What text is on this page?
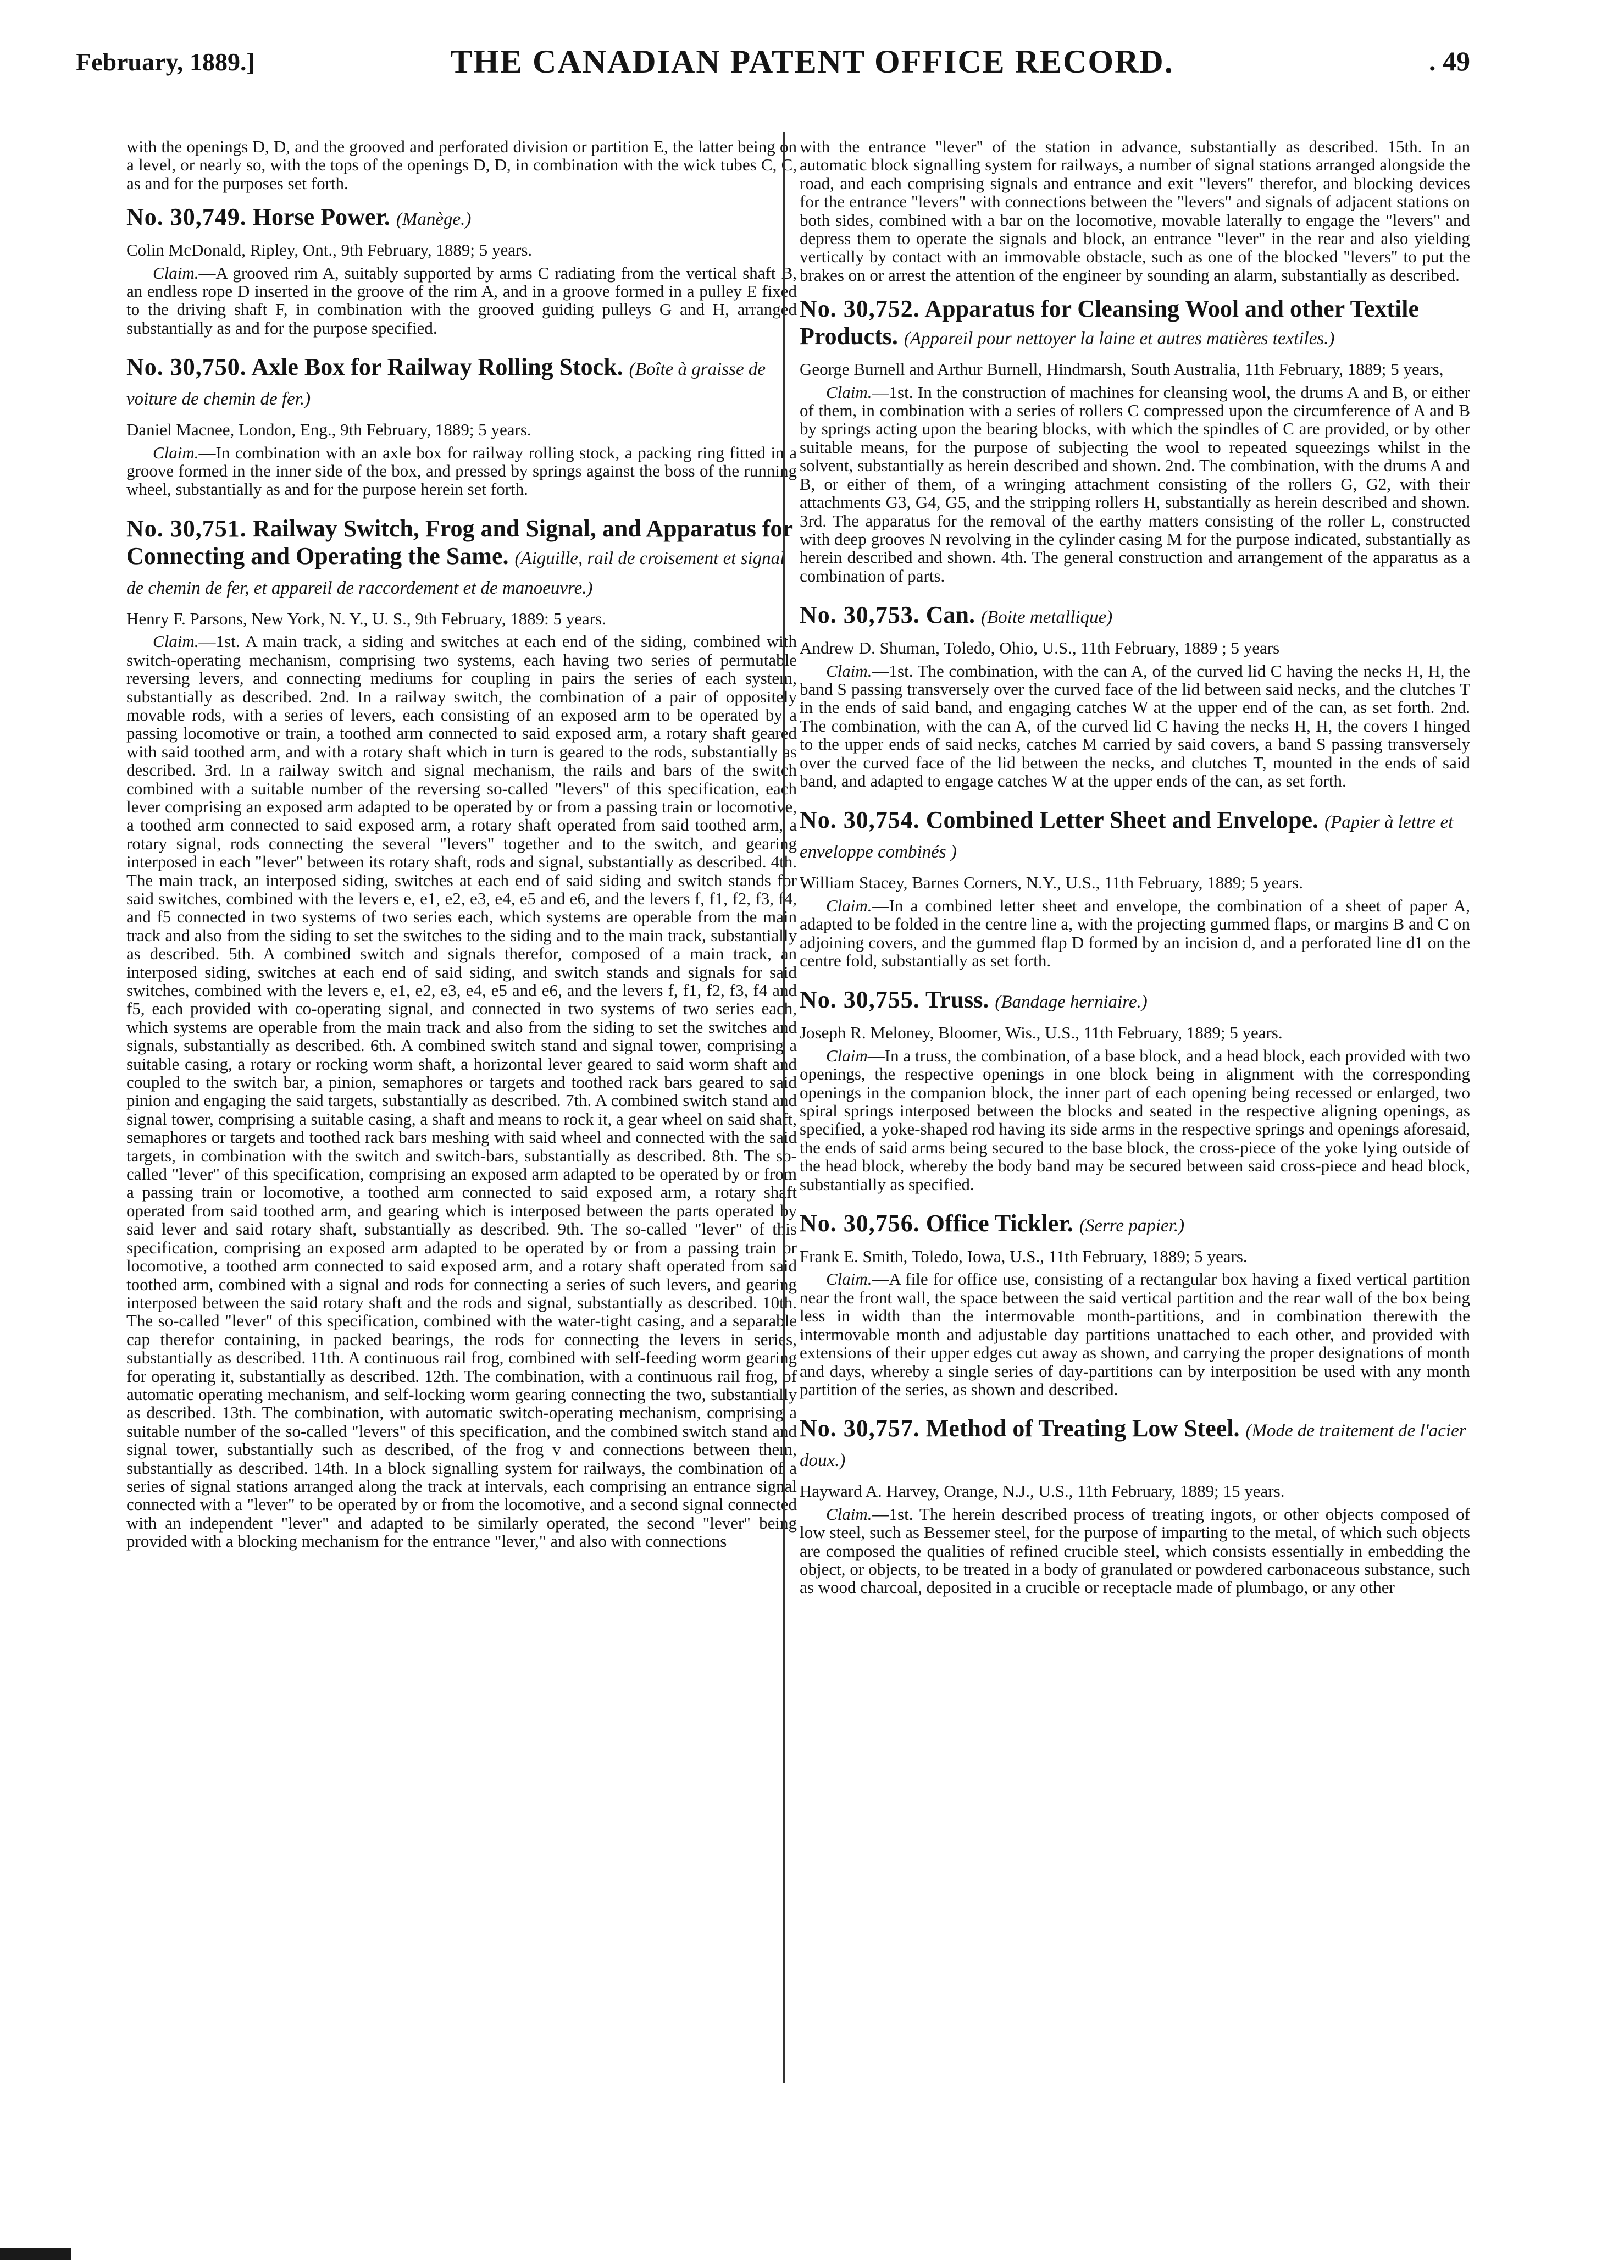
February, 1889.]	THE CANADIAN PATENT OFFICE RECORD.	. 49

with the openings D, D, and the grooved and perforated division or partition E, the latter being on a level, or nearly so, with the tops of the openings D, D, in combination with the wick tubes C, C, as and for the purposes set forth.

No. 30,749. Horse Power. (Manège.)

Colin McDonald, Ripley, Ont., 9th February, 1889; 5 years.

Claim.—A grooved rim A, suitably supported by arms C radiating from the vertical shaft B, an endless rope D inserted in the groove of the rim A, and in a groove formed in a pulley E fixed to the driving shaft F, in combination with the grooved guiding pulleys G and H, arranged substantially as and for the purpose specified.

No. 30,750. Axle Box for Railway Rolling Stock. (Boîte à graisse de voiture de chemin de fer.)

Daniel Macnee, London, Eng., 9th February, 1889; 5 years.

Claim.—In combination with an axle box for railway rolling stock, a packing ring fitted in a groove formed in the inner side of the box, and pressed by springs against the boss of the running wheel, substantially as and for the purpose herein set forth.

No. 30,751. Railway Switch, Frog and Signal, and Apparatus for Connecting and Operating the Same. (Aiguille, rail de croisement et signal de chemin de fer, et appareil de raccordement et de manoeuvre.)

Henry F. Parsons, New York, N. Y., U. S., 9th February, 1889: 5 years.

Claim.—1st. A main track, a siding and switches at each end of the siding, combined with switch-operating mechanism, comprising two systems, each having two series of permutable reversing levers, and connecting mediums for coupling in pairs the series of each system, substantially as described. 2nd. In a railway switch, the combination of a pair of oppositely movable rods, with a series of levers, each consisting of an exposed arm to be operated by a passing locomotive or train, a toothed arm connected to said exposed arm, a rotary shaft geared with said toothed arm, and with a rotary shaft which in turn is geared to the rods, substantially as described. 3rd. In a railway switch and signal mechanism, the rails and bars of the switch combined with a suitable number of the reversing so-called "levers" of this specification, each lever comprising an exposed arm adapted to be operated by or from a passing train or locomotive, a toothed arm connected to said exposed arm, a rotary shaft operated from said toothed arm, a rotary signal, rods connecting the several "levers" together and to the switch, and gearing interposed in each "lever" between its rotary shaft, rods and signal, substantially as described. 4th. The main track, an interposed siding, switches at each end of said siding and switch stands for said switches, combined with the levers e, e1, e2, e3, e4, e5 and e6, and the levers f, f1, f2, f3, f4, and f5 connected in two systems of two series each, which systems are operable from the main track and also from the siding to set the switches to the siding and to the main track, substantially as described. 5th. A combined switch and signals therefor, composed of a main track, an interposed siding, switches at each end of said siding, and switch stands and signals for said switches, combined with the levers e, e1, e2, e3, e4, e5 and e6, and the levers f, f1, f2, f3, f4 and f5, each provided with co-operating signal, and connected in two systems of two series each, which systems are operable from the main track and also from the siding to set the switches and signals, substantially as described. 6th. A combined switch stand and signal tower, comprising a suitable casing, a rotary or rocking worm shaft, a horizontal lever geared to said worm shaft and coupled to the switch bar, a pinion, semaphores or targets and toothed rack bars geared to said pinion and engaging the said targets, substantially as described. 7th. A combined switch stand and signal tower, comprising a suitable casing, a shaft and means to rock it, a gear wheel on said shaft, semaphores or targets and toothed rack bars meshing with said wheel and connected with the said targets, in combination with the switch and switch-bars, substantially as described. 8th. The so-called "lever" of this specification, comprising an exposed arm adapted to be operated by or from a passing train or locomotive, a toothed arm connected to said exposed arm, a rotary shaft operated from said toothed arm, and gearing which is interposed between the parts operated by said lever and said rotary shaft, substantially as described. 9th. The so-called "lever" of this specification, comprising an exposed arm adapted to be operated by or from a passing train or locomotive, a toothed arm connected to said exposed arm, and a rotary shaft operated from said toothed arm, combined with a signal and rods for connecting a series of such levers, and gearing interposed between the said rotary shaft and the rods and signal, substantially as described. 10th. The so-called "lever" of this specification, combined with the water-tight casing, and a separable cap therefor containing, in packed bearings, the rods for connecting the levers in series, substantially as described. 11th. A continuous rail frog, combined with self-feeding worm gearing for operating it, substantially as described. 12th. The combination, with a continuous rail frog, of automatic operating mechanism, and self-locking worm gearing connecting the two, substantially as described. 13th. The combination, with automatic switch-operating mechanism, comprising a suitable number of the so-called "levers" of this specification, and the combined switch stand and signal tower, substantially such as described, of the frog v and connections between them, substantially as described. 14th. In a block signalling system for railways, the combination of a series of signal stations arranged along the track at intervals, each comprising an entrance signal connected with a "lever" to be operated by or from the locomotive, and a second signal connected with an independent "lever" and adapted to be similarly operated, the second "lever" being provided with a blocking mechanism for the entrance "lever," and also with connections

with the entrance "lever" of the station in advance, substantially as described. 15th. In an automatic block signalling system for railways, a number of signal stations arranged alongside the road, and each comprising signals and entrance and exit "levers" therefor, and blocking devices for the entrance "levers" with connections between the "levers" and signals of adjacent stations on both sides, combined with a bar on the locomotive, movable laterally to engage the "levers" and depress them to operate the signals and block, an entrance "lever" in the rear and also yielding vertically by contact with an immovable obstacle, such as one of the blocked "levers" to put the brakes on or arrest the attention of the engineer by sounding an alarm, substantially as described.

No. 30,752. Apparatus for Cleansing Wool and other Textile Products. (Appareil pour nettoyer la laine et autres matières textiles.)

George Burnell and Arthur Burnell, Hindmarsh, South Australia, 11th February, 1889; 5 years,

Claim.—1st. In the construction of machines for cleansing wool, the drums A and B, or either of them, in combination with a series of rollers C compressed upon the circumference of A and B by springs acting upon the bearing blocks, with which the spindles of C are provided, or by other suitable means, for the purpose of subjecting the wool to repeated squeezings whilst in the solvent, substantially as herein described and shown. 2nd. The combination, with the drums A and B, or either of them, of a wringing attachment consisting of the rollers G, G2, with their attachments G3, G4, G5, and the stripping rollers H, substantially as herein described and shown. 3rd. The apparatus for the removal of the earthy matters consisting of the roller L, constructed with deep grooves N revolving in the cylinder casing M for the purpose indicated, substantially as herein described and shown. 4th. The general construction and arrangement of the apparatus as a combination of parts.

No. 30,753. Can. (Boite metallique)

Andrew D. Shuman, Toledo, Ohio, U.S., 11th February, 1889 ; 5 years

Claim.—1st. The combination, with the can A, of the curved lid C having the necks H, H, the band S passing transversely over the curved face of the lid between said necks, and the clutches T in the ends of said band, and engaging catches W at the upper end of the can, as set forth. 2nd. The combination, with the can A, of the curved lid C having the necks H, H, the covers I hinged to the upper ends of said necks, catches M carried by said covers, a band S passing transversely over the curved face of the lid between the necks, and clutches T, mounted in the ends of said band, and adapted to engage catches W at the upper ends of the can, as set forth.

No. 30,754. Combined Letter Sheet and Envelope. (Papier à lettre et enveloppe combinés )

William Stacey, Barnes Corners, N.Y., U.S., 11th February, 1889; 5 years.

Claim.—In a combined letter sheet and envelope, the combination of a sheet of paper A, adapted to be folded in the centre line a, with the projecting gummed flaps, or margins B and C on adjoining covers, and the gummed flap D formed by an incision d, and a perforated line d1 on the centre fold, substantially as set forth.

No. 30,755. Truss. (Bandage herniaire.)

Joseph R. Meloney, Bloomer, Wis., U.S., 11th February, 1889; 5 years.

Claim—In a truss, the combination, of a base block, and a head block, each provided with two openings, the respective openings in one block being in alignment with the corresponding openings in the companion block, the inner part of each opening being recessed or enlarged, two spiral springs interposed between the blocks and seated in the respective aligning openings, as specified, a yoke-shaped rod having its side arms in the respective springs and openings aforesaid, the ends of said arms being secured to the base block, the cross-piece of the yoke lying outside of the head block, whereby the body band may be secured between said cross-piece and head block, substantially as specified.

No. 30,756. Office Tickler. (Serre papier.)

Frank E. Smith, Toledo, Iowa, U.S., 11th February, 1889; 5 years.

Claim.—A file for office use, consisting of a rectangular box having a fixed vertical partition near the front wall, the space between the said vertical partition and the rear wall of the box being less in width than the intermovable month-partitions, and in combination therewith the intermovable month and adjustable day partitions unattached to each other, and provided with extensions of their upper edges cut away as shown, and carrying the proper designations of month and days, whereby a single series of day-partitions can by interposition be used with any month partition of the series, as shown and described.

No. 30,757. Method of Treating Low Steel. (Mode de traitement de l'acier doux.)

Hayward A. Harvey, Orange, N.J., U.S., 11th February, 1889; 15 years.

Claim.—1st. The herein described process of treating ingots, or other objects composed of low steel, such as Bessemer steel, for the purpose of imparting to the metal, of which such objects are composed the qualities of refined crucible steel, which consists essentially in embedding the object, or objects, to be treated in a body of granulated or powdered carbonaceous substance, such as wood charcoal, deposited in a crucible or receptacle made of plumbago, or any other
